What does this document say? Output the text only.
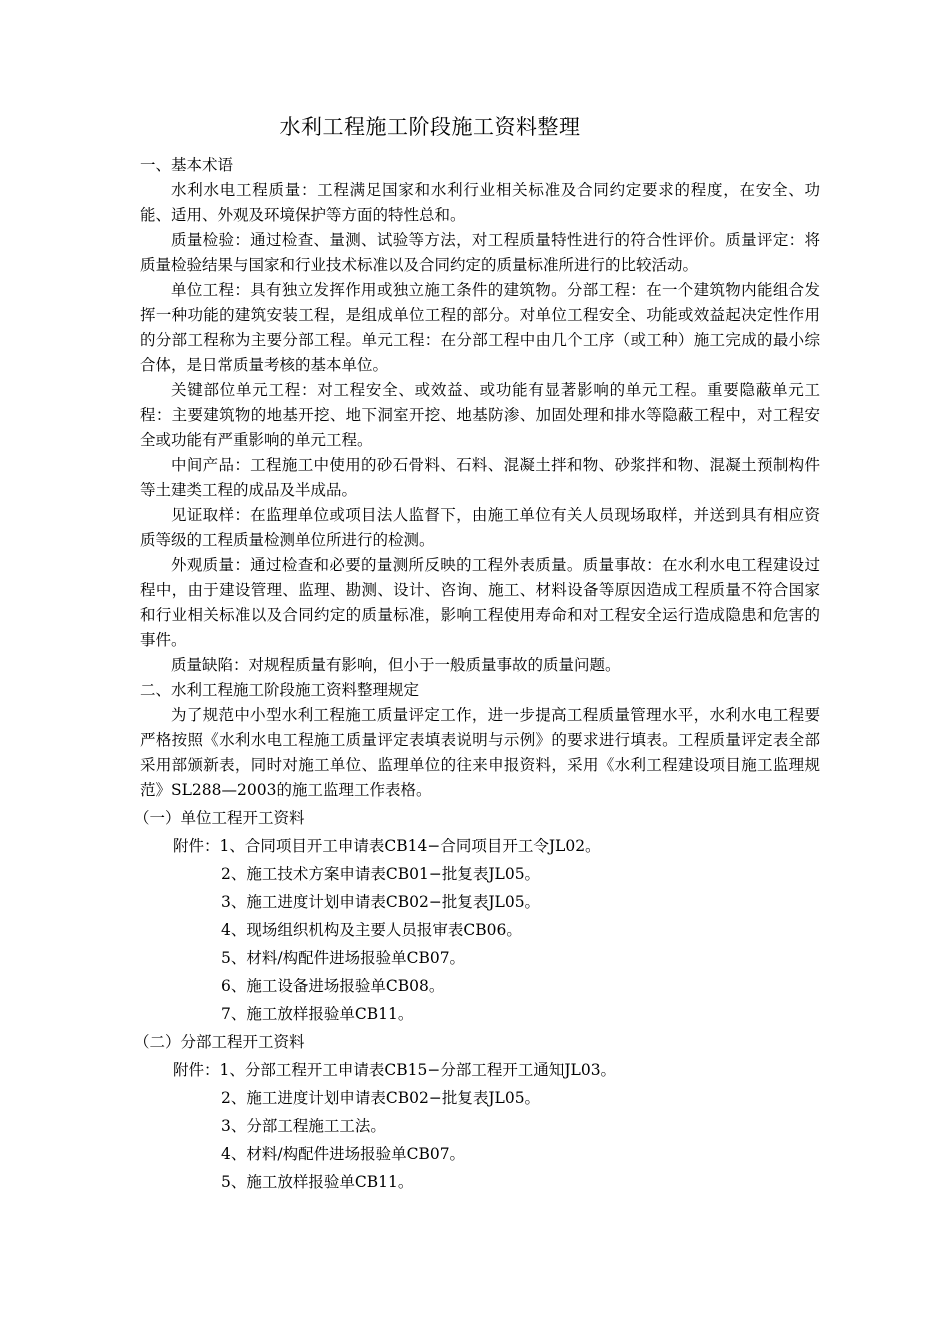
水利工程施工阶段施工资料整理

一、基本术语

水利水电工程质量：工程满足国家和水利行业相关标准及合同约定要求的程度，在安全、功能、适用、外观及环境保护等方面的特性总和。

质量检验：通过检查、量测、试验等方法，对工程质量特性进行的符合性评价。质量评定：将质量检验结果与国家和行业技术标准以及合同约定的质量标准所进行的比较活动。

单位工程：具有独立发挥作用或独立施工条件的建筑物。分部工程：在一个建筑物内能组合发挥一种功能的建筑安装工程，是组成单位工程的部分。对单位工程安全、功能或效益起决定性作用的分部工程称为主要分部工程。单元工程：在分部工程中由几个工序（或工种）施工完成的最小综合体，是日常质量考核的基本单位。

关键部位单元工程：对工程安全、或效益、或功能有显著影响的单元工程。重要隐蔽单元工程：主要建筑物的地基开挖、地下洞室开挖、地基防渗、加固处理和排水等隐蔽工程中，对工程安全或功能有严重影响的单元工程。

中间产品：工程施工中使用的砂石骨料、石料、混凝土拌和物、砂浆拌和物、混凝土预制构件等土建类工程的成品及半成品。

见证取样：在监理单位或项目法人监督下，由施工单位有关人员现场取样，并送到具有相应资质等级的工程质量检测单位所进行的检测。

外观质量：通过检查和必要的量测所反映的工程外表质量。质量事故：在水利水电工程建设过程中，由于建设管理、监理、勘测、设计、咨询、施工、材料设备等原因造成工程质量不符合国家和行业相关标准以及合同约定的质量标准，影响工程使用寿命和对工程安全运行造成隐患和危害的事件。

质量缺陷：对规程质量有影响，但小于一般质量事故的质量问题。

二、水利工程施工阶段施工资料整理规定

为了规范中小型水利工程施工质量评定工作，进一步提高工程质量管理水平，水利水电工程要严格按照《水利水电工程施工质量评定表填表说明与示例》的要求进行填表。工程质量评定表全部采用部颁新表，同时对施工单位、监理单位的往来申报资料，采用《水利工程建设项目施工监理规范》SL288—2003的施工监理工作表格。

（一）单位工程开工资料

附件：1、合同项目开工申请表CB14−合同项目开工令JL02。

2、施工技术方案申请表CB01−批复表JL05。

3、施工进度计划申请表CB02−批复表JL05。

4、现场组织机构及主要人员报审表CB06。

5、材料/构配件进场报验单CB07。

6、施工设备进场报验单CB08。

7、施工放样报验单CB11。

（二）分部工程开工资料

附件：1、分部工程开工申请表CB15−分部工程开工通知JL03。

2、施工进度计划申请表CB02−批复表JL05。

3、分部工程施工工法。

4、材料/构配件进场报验单CB07。

5、施工放样报验单CB11。
